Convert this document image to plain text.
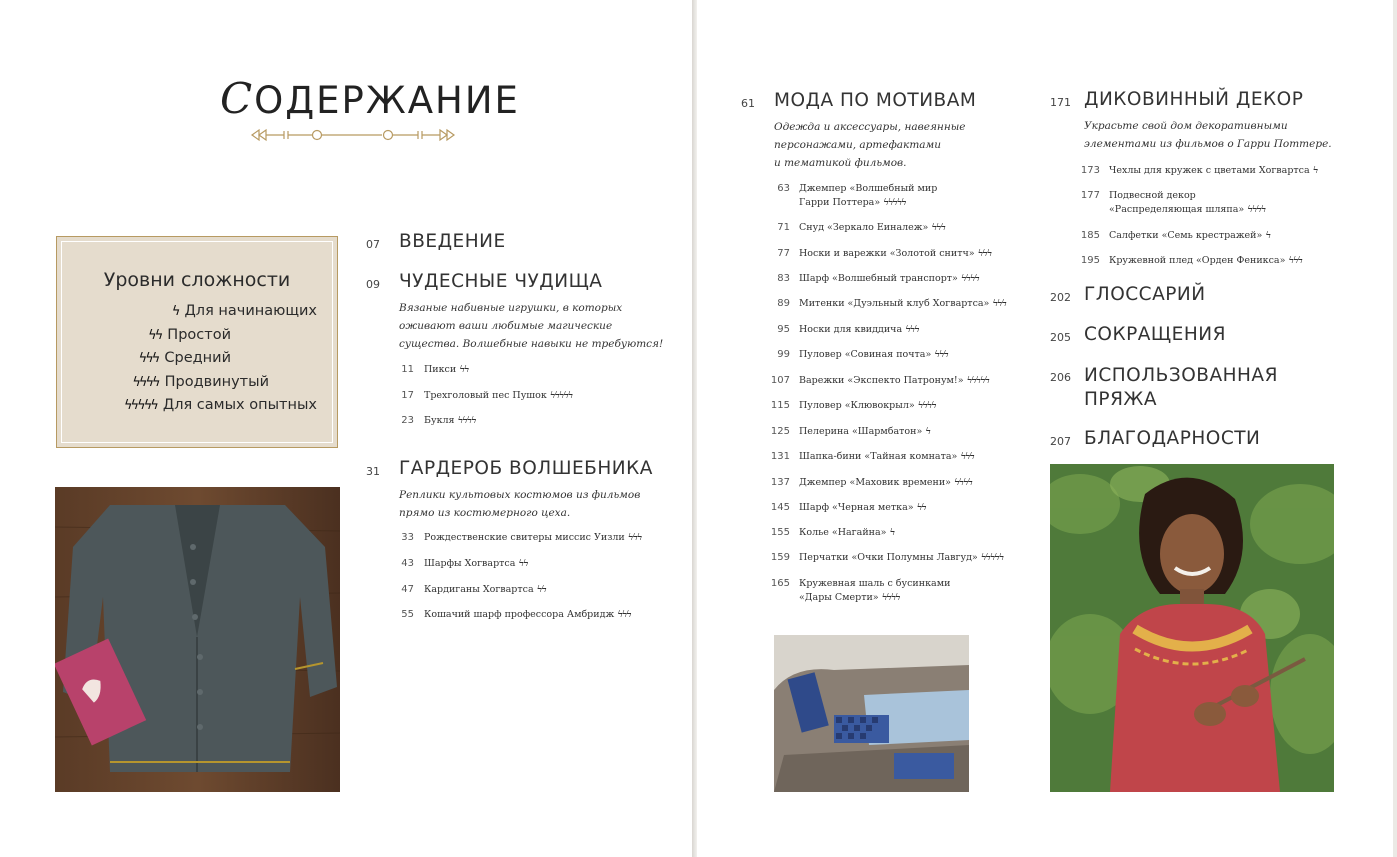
СОДЕРЖАНИЕ
Уровни сложности
ϟ Для начинающих
ϟϟ Простой
ϟϟϟ Средний
ϟϟϟϟ Продвинутый
ϟϟϟϟϟ Для самых опытных
07 ВВЕДЕНИЕ
09 ЧУДЕСНЫЕ ЧУДИЩА
Вязаные набивные игрушки, в которых
оживают ваши любимые магические
существа. Волшебные навыки не требуются!
11 Пикси ϟϟ
17 Трехголовый пес Пушок ϟϟϟϟϟ
23 Букля ϟϟϟϟ
31 ГАРДЕРОБ ВОЛШЕБНИКА
Реплики культовых костюмов из фильмов
прямо из костюмерного цеха.
33 Рождественские свитеры миссис Уизли ϟϟϟ
43 Шарфы Хогвартса ϟϟ
47 Кардиганы Хогвартса ϟϟ
55 Кошачий шарф профессора Амбридж ϟϟϟ
61 МОДА ПО МОТИВАМ
Одежда и аксессуары, навеянные
персонажами, артефактами
и тематикой фильмов.
63 Джемпер «Волшебный мир
Гарри Поттера» ϟϟϟϟϟ
71 Снуд «Зеркало Еиналеж» ϟϟϟ
77 Носки и варежки «Золотой снитч» ϟϟϟ
83 Шарф «Волшебный транспорт» ϟϟϟϟ
89 Митенки «Дуэльный клуб Хогвартса» ϟϟϟ
95 Носки для квиддича ϟϟϟ
99 Пуловер «Совиная почта» ϟϟϟ
107 Варежки «Экспекто Патронум!» ϟϟϟϟϟ
115 Пуловер «Клювокрыл» ϟϟϟϟ
125 Пелерина «Шармбатон» ϟ
131 Шапка-бини «Тайная комната» ϟϟϟ
137 Джемпер «Маховик времени» ϟϟϟϟ
145 Шарф «Черная метка» ϟϟ
155 Колье «Нагайна» ϟ
159 Перчатки «Очки Полумны Лавгуд» ϟϟϟϟϟ
165 Кружевная шаль с бусинками
«Дары Смерти» ϟϟϟϟ
171 ДИКОВИННЫЙ ДЕКОР
Украсьте свой дом декоративными
элементами из фильмов о Гарри Поттере.
173 Чехлы для кружек с цветами Хогвартса ϟ
177 Подвесной декор
«Распределяющая шляпа» ϟϟϟϟ
185 Салфетки «Семь крестражей» ϟ
195 Кружевной плед «Орден Феникса» ϟϟϟ
202 ГЛОССАРИЙ
205 СОКРАЩЕНИЯ
206 ИСПОЛЬЗОВАННАЯ
ПРЯЖА
207 БЛАГОДАРНОСТИ
